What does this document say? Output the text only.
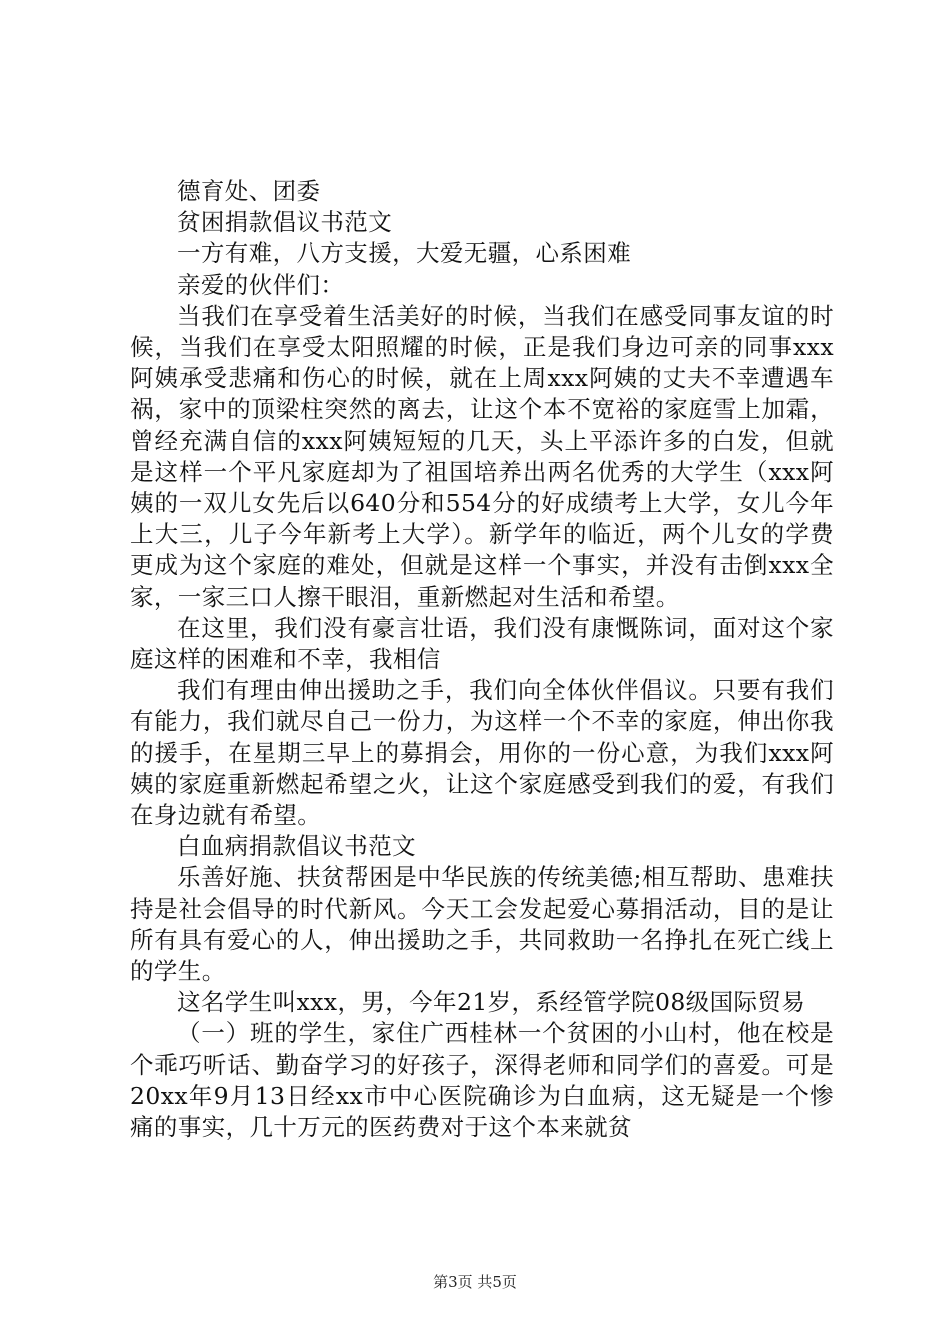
德育处、团委

贫困捐款倡议书范文

一方有难，八方支援，大爱无疆，心系困难

亲爱的伙伴们：

当我们在享受着生活美好的时候，当我们在感受同事友谊的时候，当我们在享受太阳照耀的时候，正是我们身边可亲的同事xxx阿姨承受悲痛和伤心的时候，就在上周xxx阿姨的丈夫不幸遭遇车祸，家中的顶梁柱突然的离去，让这个本不宽裕的家庭雪上加霜，曾经充满自信的xxx阿姨短短的几天，头上平添许多的白发，但就是这样一个平凡家庭却为了祖国培养出两名优秀的大学生（xxx阿姨的一双儿女先后以640分和554分的好成绩考上大学，女儿今年上大三，儿子今年新考上大学）。新学年的临近，两个儿女的学费更成为这个家庭的难处，但就是这样一个事实，并没有击倒xxx全家，一家三口人擦干眼泪，重新燃起对生活和希望。

在这里，我们没有豪言壮语，我们没有康慨陈词，面对这个家庭这样的困难和不幸，我相信

我们有理由伸出援助之手，我们向全体伙伴倡议。只要有我们有能力，我们就尽自己一份力，为这样一个不幸的家庭，伸出你我的援手，在星期三早上的募捐会，用你的一份心意，为我们xxx阿姨的家庭重新燃起希望之火，让这个家庭感受到我们的爱，有我们在身边就有希望。

白血病捐款倡议书范文

乐善好施、扶贫帮困是中华民族的传统美德;相互帮助、患难扶持是社会倡导的时代新风。今天工会发起爱心募捐活动，目的是让所有具有爱心的人，伸出援助之手，共同救助一名挣扎在死亡线上的学生。

这名学生叫xxx，男，今年21岁，系经管学院08级国际贸易

（一）班的学生，家住广西桂林一个贫困的小山村，他在校是个乖巧听话、勤奋学习的好孩子，深得老师和同学们的喜爱。可是20xx年9月13日经xx市中心医院确诊为白血病，这无疑是一个惨痛的事实，几十万元的医药费对于这个本来就贫

第3页 共5页
